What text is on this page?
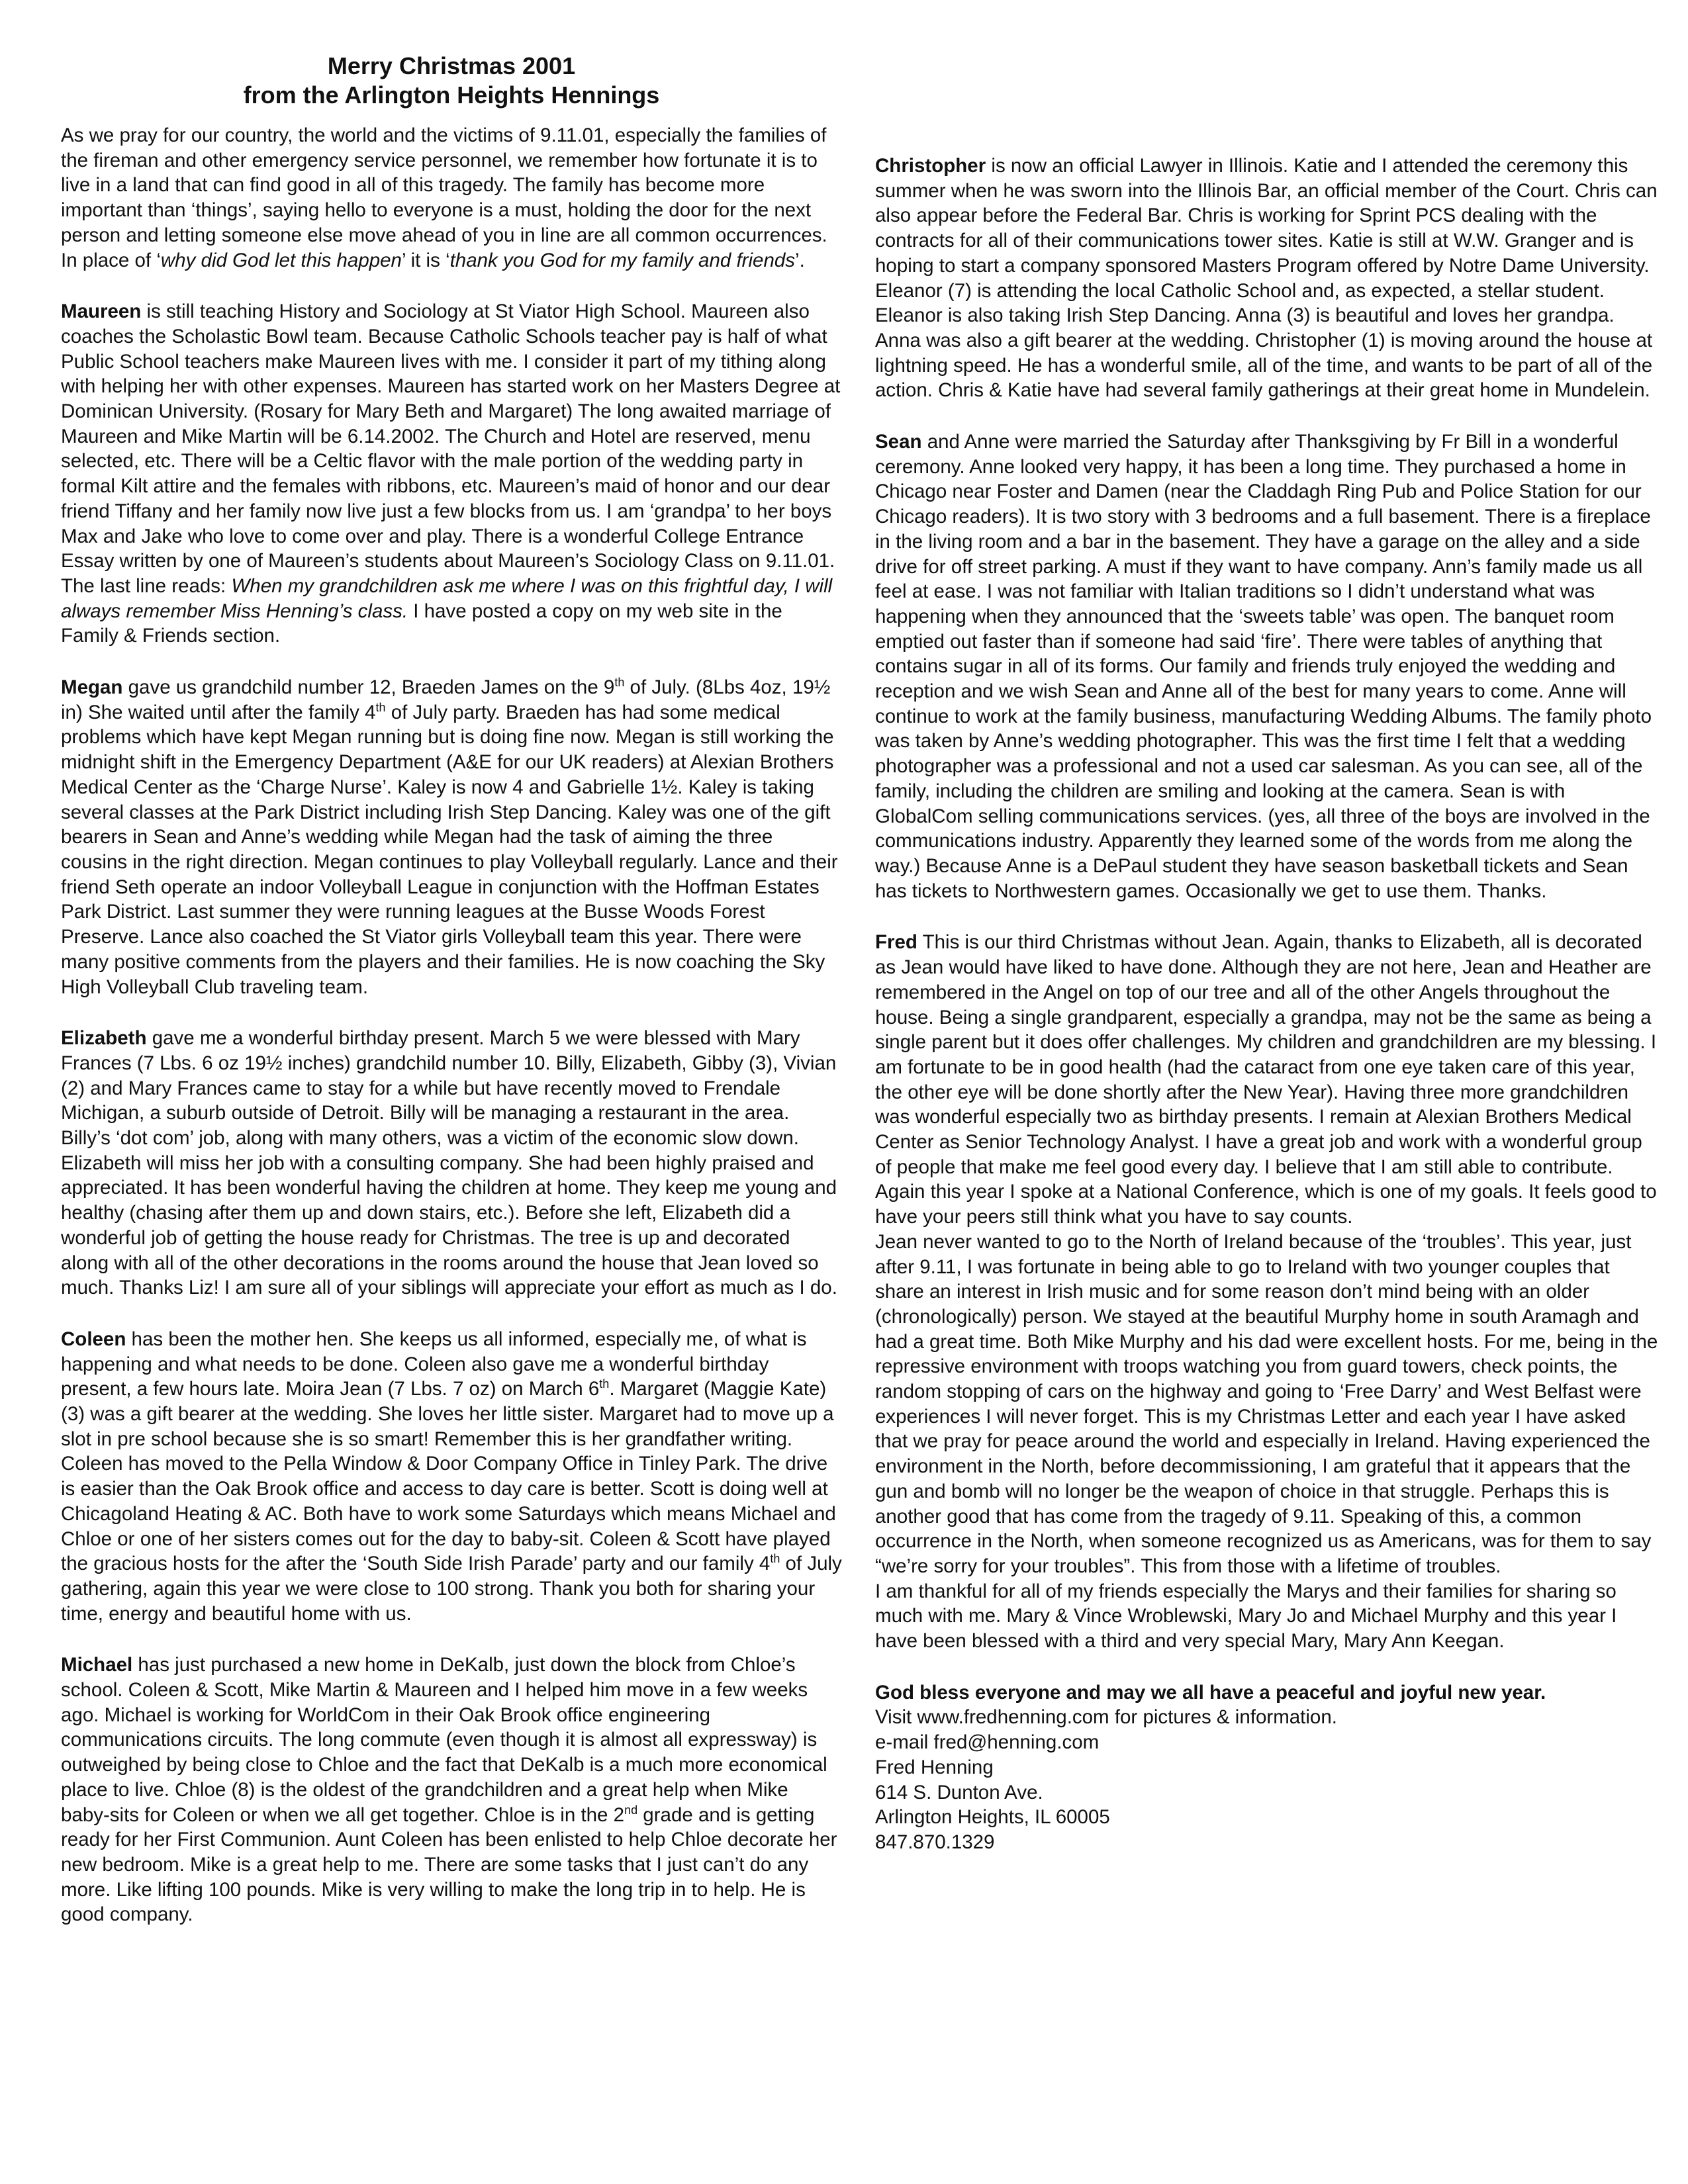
Merry Christmas 2001
from the Arlington Heights Hennings

As we pray for our country, the world and the victims of 9.11.01, especially the families of the fireman and other emergency service personnel, we remember how fortunate it is to live in a land that can find good in all of this tragedy. The family has become more important than ‘things’, saying hello to everyone is a must, holding the door for the next person and letting someone else move ahead of you in line are all common occurrences. In place of ‘why did God let this happen’ it is ‘thank you God for my family and friends’.

Maureen is still teaching History and Sociology at St Viator High School. Maureen also coaches the Scholastic Bowl team. Because Catholic Schools teacher pay is half of what Public School teachers make Maureen lives with me. I consider it part of my tithing along with helping her with other expenses. Maureen has started work on her Masters Degree at Dominican University. (Rosary for Mary Beth and Margaret) The long awaited marriage of Maureen and Mike Martin will be 6.14.2002. The Church and Hotel are reserved, menu selected, etc. There will be a Celtic flavor with the male portion of the wedding party in formal Kilt attire and the females with ribbons, etc. Maureen’s maid of honor and our dear friend Tiffany and her family now live just a few blocks from us. I am ‘grandpa’ to her boys Max and Jake who love to come over and play. There is a wonderful College Entrance Essay written by one of Maureen’s students about Maureen’s Sociology Class on 9.11.01. The last line reads: When my grandchildren ask me where I was on this frightful day, I will always remember Miss Henning’s class. I have posted a copy on my web site in the Family & Friends section.

Megan gave us grandchild number 12, Braeden James on the 9th of July. (8Lbs 4oz, 19½ in) She waited until after the family 4th of July party. Braeden has had some medical problems which have kept Megan running but is doing fine now. Megan is still working the midnight shift in the Emergency Department (A&E for our UK readers) at Alexian Brothers Medical Center as the ‘Charge Nurse’. Kaley is now 4 and Gabrielle 1½. Kaley is taking several classes at the Park District including Irish Step Dancing. Kaley was one of the gift bearers in Sean and Anne’s wedding while Megan had the task of aiming the three cousins in the right direction. Megan continues to play Volleyball regularly. Lance and their friend Seth operate an indoor Volleyball League in conjunction with the Hoffman Estates Park District. Last summer they were running leagues at the Busse Woods Forest Preserve. Lance also coached the St Viator girls Volleyball team this year. There were many positive comments from the players and their families. He is now coaching the Sky High Volleyball Club traveling team.

Elizabeth gave me a wonderful birthday present. March 5 we were blessed with Mary Frances (7 Lbs. 6 oz 19½ inches) grandchild number 10. Billy, Elizabeth, Gibby (3), Vivian (2) and Mary Frances came to stay for a while but have recently moved to Frendale Michigan, a suburb outside of Detroit. Billy will be managing a restaurant in the area. Billy’s ‘dot com’ job, along with many others, was a victim of the economic slow down. Elizabeth will miss her job with a consulting company. She had been highly praised and appreciated. It has been wonderful having the children at home. They keep me young and healthy (chasing after them up and down stairs, etc.). Before she left, Elizabeth did a wonderful job of getting the house ready for Christmas. The tree is up and decorated along with all of the other decorations in the rooms around the house that Jean loved so much. Thanks Liz! I am sure all of your siblings will appreciate your effort as much as I do.

Coleen has been the mother hen. She keeps us all informed, especially me, of what is happening and what needs to be done. Coleen also gave me a wonderful birthday present, a few hours late. Moira Jean (7 Lbs. 7 oz) on March 6th. Margaret (Maggie Kate) (3) was a gift bearer at the wedding. She loves her little sister. Margaret had to move up a slot in pre school because she is so smart! Remember this is her grandfather writing. Coleen has moved to the Pella Window & Door Company Office in Tinley Park. The drive is easier than the Oak Brook office and access to day care is better. Scott is doing well at Chicagoland Heating & AC. Both have to work some Saturdays which means Michael and Chloe or one of her sisters comes out for the day to baby-sit. Coleen & Scott have played the gracious hosts for the after the ‘South Side Irish Parade’ party and our family 4th of July gathering, again this year we were close to 100 strong. Thank you both for sharing your time, energy and beautiful home with us.

Michael has just purchased a new home in DeKalb, just down the block from Chloe’s school. Coleen & Scott, Mike Martin & Maureen and I helped him move in a few weeks ago. Michael is working for WorldCom in their Oak Brook office engineering communications circuits. The long commute (even though it is almost all expressway) is outweighed by being close to Chloe and the fact that DeKalb is a much more economical place to live. Chloe (8) is the oldest of the grandchildren and a great help when Mike baby-sits for Coleen or when we all get together. Chloe is in the 2nd grade and is getting ready for her First Communion. Aunt Coleen has been enlisted to help Chloe decorate her new bedroom. Mike is a great help to me. There are some tasks that I just can’t do any more. Like lifting 100 pounds. Mike is very willing to make the long trip in to help. He is good company.

Christopher is now an official Lawyer in Illinois. Katie and I attended the ceremony this summer when he was sworn into the Illinois Bar, an official member of the Court. Chris can also appear before the Federal Bar. Chris is working for Sprint PCS dealing with the contracts for all of their communications tower sites. Katie is still at W.W. Granger and is hoping to start a company sponsored Masters Program offered by Notre Dame University. Eleanor (7) is attending the local Catholic School and, as expected, a stellar student. Eleanor is also taking Irish Step Dancing. Anna (3) is beautiful and loves her grandpa. Anna was also a gift bearer at the wedding. Christopher (1) is moving around the house at lightning speed. He has a wonderful smile, all of the time, and wants to be part of all of the action. Chris & Katie have had several family gatherings at their great home in Mundelein.

Sean and Anne were married the Saturday after Thanksgiving by Fr Bill in a wonderful ceremony. Anne looked very happy, it has been a long time. They purchased a home in Chicago near Foster and Damen (near the Claddagh Ring Pub and Police Station for our Chicago readers). It is two story with 3 bedrooms and a full basement. There is a fireplace in the living room and a bar in the basement. They have a garage on the alley and a side drive for off street parking. A must if they want to have company. Ann’s family made us all feel at ease. I was not familiar with Italian traditions so I didn’t understand what was happening when they announced that the ‘sweets table’ was open. The banquet room emptied out faster than if someone had said ‘fire’. There were tables of anything that contains sugar in all of its forms. Our family and friends truly enjoyed the wedding and reception and we wish Sean and Anne all of the best for many years to come. Anne will continue to work at the family business, manufacturing Wedding Albums. The family photo was taken by Anne’s wedding photographer. This was the first time I felt that a wedding photographer was a professional and not a used car salesman. As you can see, all of the family, including the children are smiling and looking at the camera. Sean is with GlobalCom selling communications services. (yes, all three of the boys are involved in the communications industry. Apparently they learned some of the words from me along the way.) Because Anne is a DePaul student they have season basketball tickets and Sean has tickets to Northwestern games. Occasionally we get to use them. Thanks.

Fred This is our third Christmas without Jean. Again, thanks to Elizabeth, all is decorated as Jean would have liked to have done. Although they are not here, Jean and Heather are remembered in the Angel on top of our tree and all of the other Angels throughout the house. Being a single grandparent, especially a grandpa, may not be the same as being a single parent but it does offer challenges. My children and grandchildren are my blessing. I am fortunate to be in good health (had the cataract from one eye taken care of this year, the other eye will be done shortly after the New Year). Having three more grandchildren was wonderful especially two as birthday presents. I remain at Alexian Brothers Medical Center as Senior Technology Analyst. I have a great job and work with a wonderful group of people that make me feel good every day. I believe that I am still able to contribute. Again this year I spoke at a National Conference, which is one of my goals. It feels good to have your peers still think what you have to say counts.

Jean never wanted to go to the North of Ireland because of the ‘troubles’. This year, just after 9.11, I was fortunate in being able to go to Ireland with two younger couples that share an interest in Irish music and for some reason don’t mind being with an older (chronologically) person. We stayed at the beautiful Murphy home in south Aramagh and had a great time. Both Mike Murphy and his dad were excellent hosts. For me, being in the repressive environment with troops watching you from guard towers, check points, the random stopping of cars on the highway and going to ‘Free Darry’ and West Belfast were experiences I will never forget. This is my Christmas Letter and each year I have asked that we pray for peace around the world and especially in Ireland. Having experienced the environment in the North, before decommissioning, I am grateful that it appears that the gun and bomb will no longer be the weapon of choice in that struggle. Perhaps this is another good that has come from the tragedy of 9.11. Speaking of this, a common occurrence in the North, when someone recognized us as Americans, was for them to say “we’re sorry for your troubles”. This from those with a lifetime of troubles.

I am thankful for all of my friends especially the Marys and their families for sharing so much with me. Mary & Vince Wroblewski, Mary Jo and Michael Murphy and this year I have been blessed with a third and very special Mary, Mary Ann Keegan.

God bless everyone and may we all have a peaceful and joyful new year.
Visit www.fredhenning.com for pictures & information.
e-mail fred@henning.com
Fred Henning
614 S. Dunton Ave.
Arlington Heights, IL 60005
847.870.1329
